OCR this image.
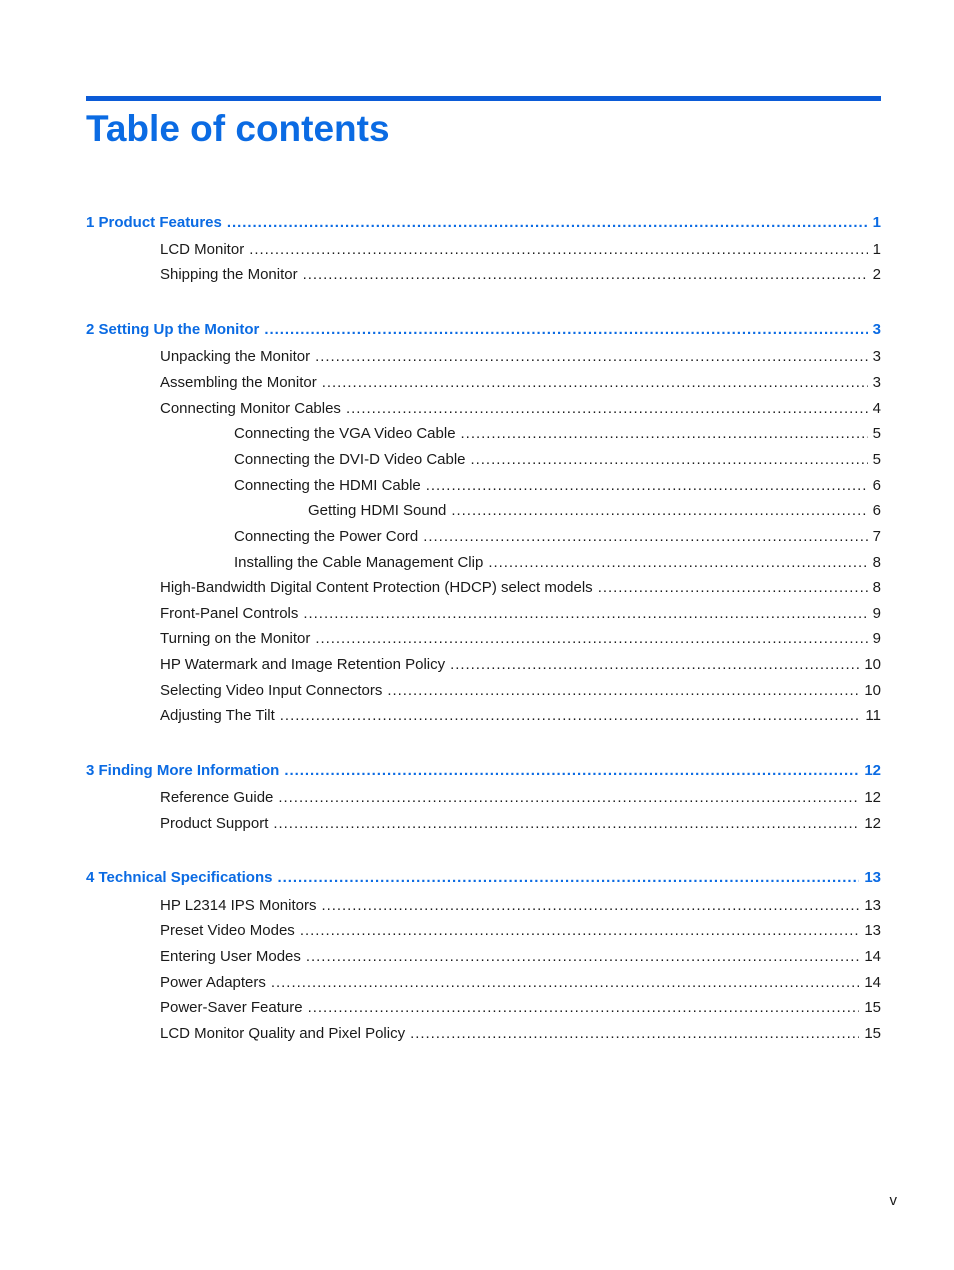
Table of contents
1 Product Features . . .	1
LCD Monitor . . .	1
Shipping the Monitor . . .	2
2 Setting Up the Monitor . . .	3
Unpacking the Monitor . . .	3
Assembling the Monitor . . .	3
Connecting Monitor Cables . . .	4
Connecting the VGA Video Cable . . .	5
Connecting the DVI-D Video Cable . . .	5
Connecting the HDMI Cable . . .	6
Getting HDMI Sound . . .	6
Connecting the Power Cord . . .	7
Installing the Cable Management Clip . . .	8
High-Bandwidth Digital Content Protection (HDCP) select models . . .	8
Front-Panel Controls . . .	9
Turning on the Monitor . . .	9
HP Watermark and Image Retention Policy . . .	10
Selecting Video Input Connectors . . .	10
Adjusting The Tilt . . .	11
3 Finding More Information . . .	12
Reference Guide . . .	12
Product Support . . .	12
4 Technical Specifications . . .	13
HP L2314 IPS Monitors . . .	13
Preset Video Modes . . .	13
Entering User Modes . . .	14
Power Adapters . . .	14
Power-Saver Feature . . .	15
LCD Monitor Quality and Pixel Policy . . .	15
v
